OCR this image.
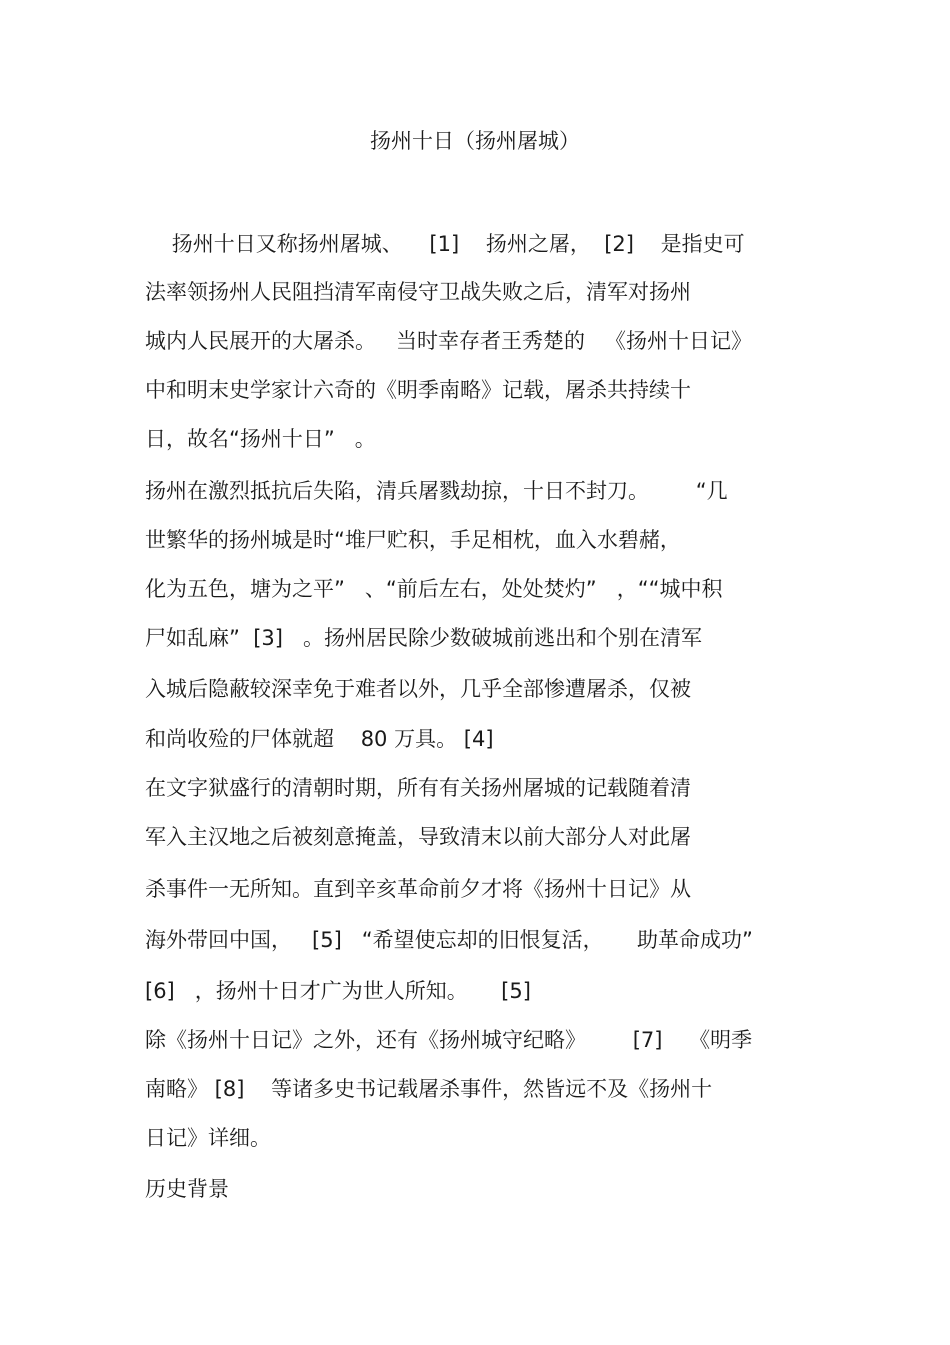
扬州十日（扬州屠城）
扬州十日又称扬州屠城、    [1]    扬州之屠，  [2]    是指史可
法率领扬州人民阻挡清军南侵守卫战失败之后，清军对扬州
城内人民展开的大屠杀。   当时幸存者王秀楚的   《扬州十日记》
中和明末史学家计六奇的《明季南略》记载，屠杀共持续十
日，故名“扬州十日”   。
扬州在激烈抵抗后失陷，清兵屠戮劫掠，十日不封刀。       “几
世繁华的扬州城是时“堆尸贮积，手足相枕，血入水碧赭，
化为五色，塘为之平”   、“前后左右，处处焚灼”   ，““城中积
尸如乱麻”  [3]   。扬州居民除少数破城前逃出和个别在清军
入城后隐蔽较深幸免于难者以外，几乎全部惨遭屠杀，仅被
和尚收殓的尸体就超    80 万具。 [4]
在文字狱盛行的清朝时期，所有有关扬州屠城的记载随着清
军入主汉地之后被刻意掩盖，导致清末以前大部分人对此屠
杀事件一无所知。直到辛亥革命前夕才将《扬州十日记》从
海外带回中国，   [5]   “希望使忘却的旧恨复活，     助革命成功”
[6]   ，扬州十日才广为世人所知。     [5]
除《扬州十日记》之外，还有《扬州城守纪略》       [7]    《明季
南略》 [8]    等诸多史书记载屠杀事件，然皆远不及《扬州十
日记》详细。
历史背景
